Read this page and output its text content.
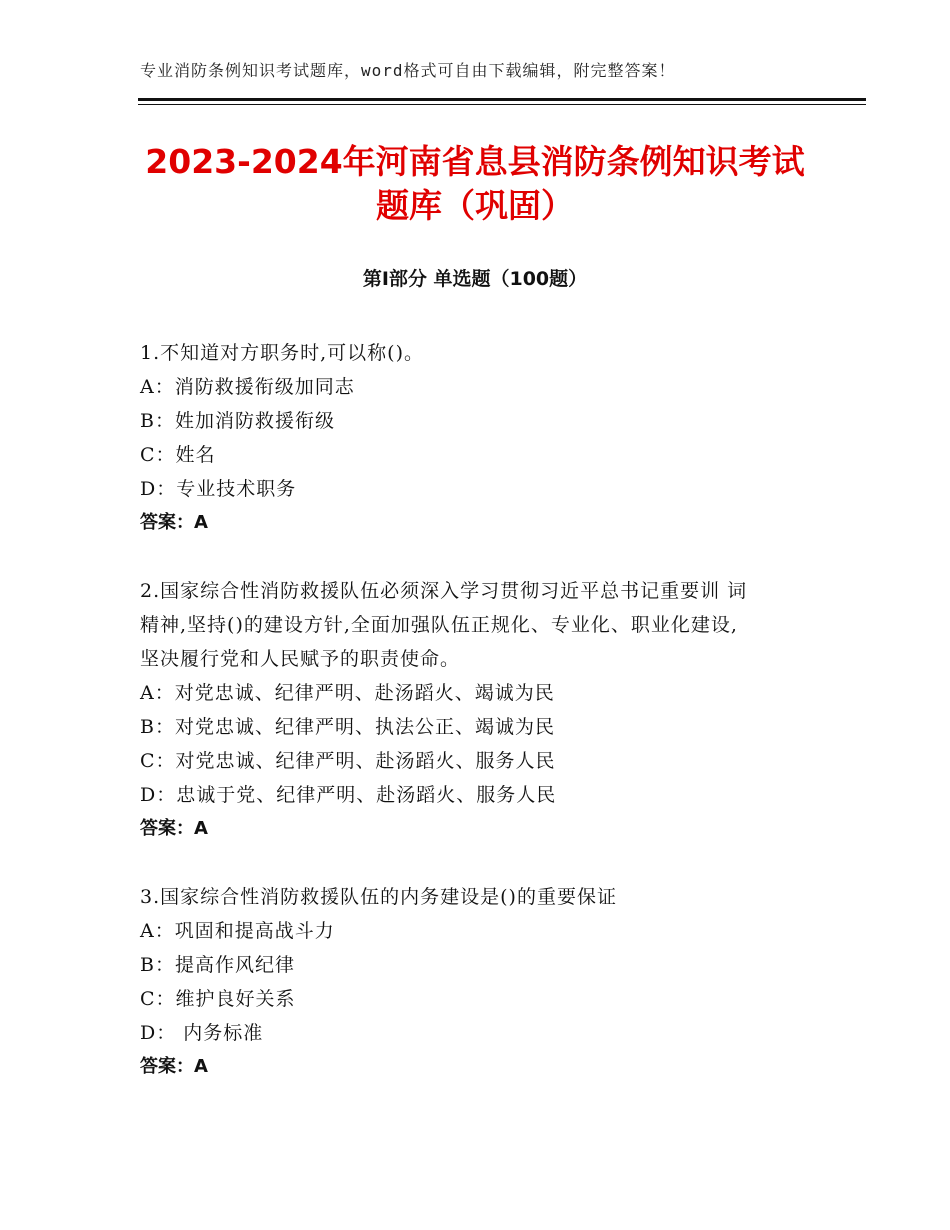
专业消防条例知识考试题库，word格式可自由下载编辑，附完整答案！
2023-2024年河南省息县消防条例知识考试
题库（巩固）
第Ⅰ部分 单选题（100题）
1.不知道对方职务时,可以称()。
A：消防救援衔级加同志
B：姓加消防救援衔级
C：姓名
D：专业技术职务
答案：A
2.国家综合性消防救援队伍必须深入学习贯彻习近平总书记重要训 词
精神,坚持()的建设方针,全面加强队伍正规化、专业化、职业化建设,
坚决履行党和人民赋予的职责使命。
A：对党忠诚、纪律严明、赴汤蹈火、竭诚为民
B：对党忠诚、纪律严明、执法公正、竭诚为民
C：对党忠诚、纪律严明、赴汤蹈火、服务人民
D：忠诚于党、纪律严明、赴汤蹈火、服务人民
答案：A
3.国家综合性消防救援队伍的内务建设是()的重要保证
A：巩固和提高战斗力
B：提高作风纪律
C：维护良好关系
D： 内务标准
答案：A
